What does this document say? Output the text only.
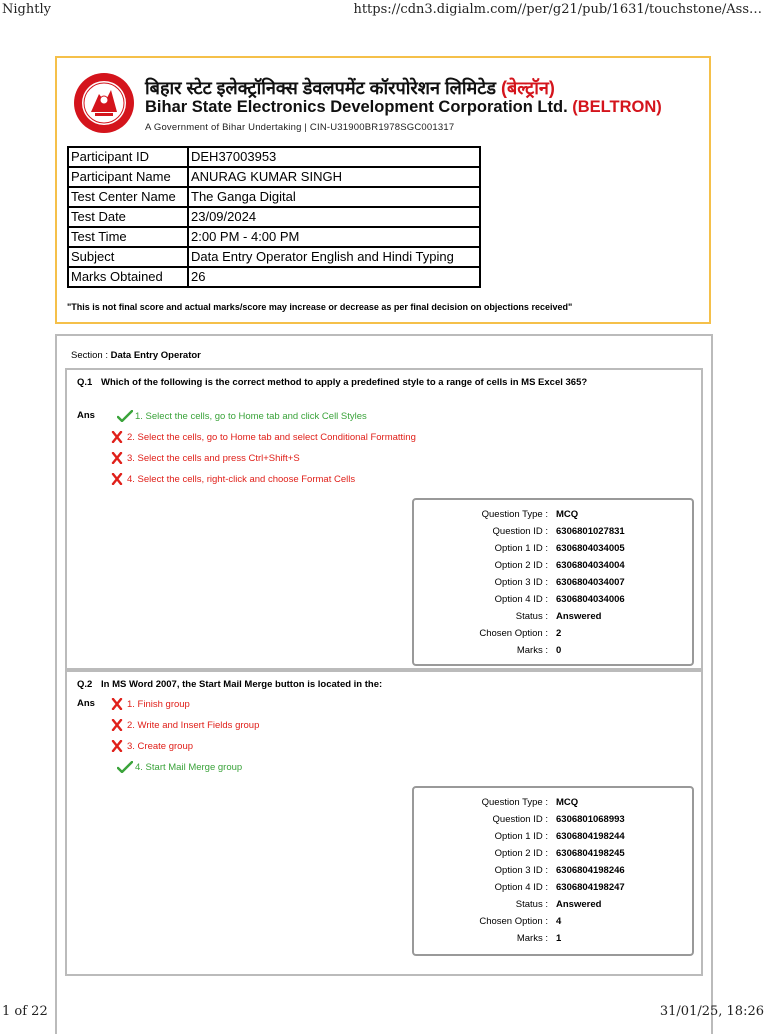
Nightly	https://cdn3.digialm.com//per/g21/pub/1631/touchstone/Ass…
बिहार स्टेट इलेक्ट्रॉनिक्स डेवलपमेंट कॉरपोरेशन लिमिटेड (बेल्ट्रॉन)
Bihar State Electronics Development Corporation Ltd. (BELTRON)
A Government of Bihar Undertaking | CIN-U31900BR1978SGC001317
Participant ID	DEH37003953
Participant Name	ANURAG KUMAR SINGH
Test Center Name	The Ganga Digital
Test Date	23/09/2024
Test Time	2:00 PM - 4:00 PM
Subject	Data Entry Operator English and Hindi Typing
Marks Obtained	26
"This is not final score and actual marks/score may increase or decrease as per final decision on objections received"
Section : Data Entry Operator
Q.1 Which of the following is the correct method to apply a predefined style to a range of cells in MS Excel 365?
Ans	1. Select the cells, go to Home tab and click Cell Styles
2. Select the cells, go to Home tab and select Conditional Formatting
3. Select the cells and press Ctrl+Shift+S
4. Select the cells, right-click and choose Format Cells
Question Type : MCQ
Question ID : 6306801027831
Option 1 ID : 6306804034005
Option 2 ID : 6306804034004
Option 3 ID : 6306804034007
Option 4 ID : 6306804034006
Status : Answered
Chosen Option : 2
Marks : 0
Q.2 In MS Word 2007, the Start Mail Merge button is located in the:
Ans	1. Finish group
2. Write and Insert Fields group
3. Create group
4. Start Mail Merge group
Question Type : MCQ
Question ID : 6306801068993
Option 1 ID : 6306804198244
Option 2 ID : 6306804198245
Option 3 ID : 6306804198246
Option 4 ID : 6306804198247
Status : Answered
Chosen Option : 4
Marks : 1
1 of 22	31/01/25, 18:26
